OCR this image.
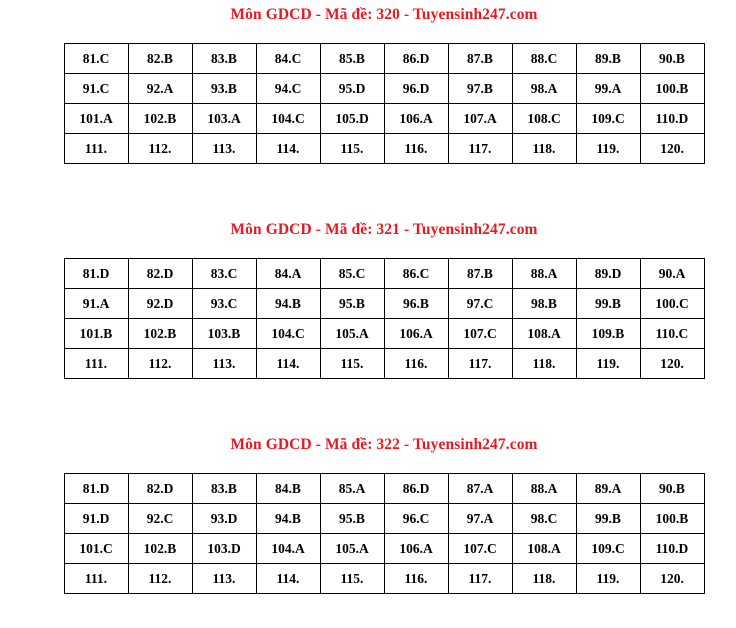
Môn GDCD - Mã đề: 320 - Tuyensinh247.com
81.C	82.B	83.B	84.C	85.B	86.D	87.B	88.C	89.B	90.B
91.C	92.A	93.B	94.C	95.D	96.D	97.B	98.A	99.A	100.B
101.A	102.B	103.A	104.C	105.D	106.A	107.A	108.C	109.C	110.D
111.	112.	113.	114.	115.	116.	117.	118.	119.	120.
Môn GDCD - Mã đề: 321 - Tuyensinh247.com
81.D	82.D	83.C	84.A	85.C	86.C	87.B	88.A	89.D	90.A
91.A	92.D	93.C	94.B	95.B	96.B	97.C	98.B	99.B	100.C
101.B	102.B	103.B	104.C	105.A	106.A	107.C	108.A	109.B	110.C
111.	112.	113.	114.	115.	116.	117.	118.	119.	120.
Môn GDCD - Mã đề: 322 - Tuyensinh247.com
81.D	82.D	83.B	84.B	85.A	86.D	87.A	88.A	89.A	90.B
91.D	92.C	93.D	94.B	95.B	96.C	97.A	98.C	99.B	100.B
101.C	102.B	103.D	104.A	105.A	106.A	107.C	108.A	109.C	110.D
111.	112.	113.	114.	115.	116.	117.	118.	119.	120.
